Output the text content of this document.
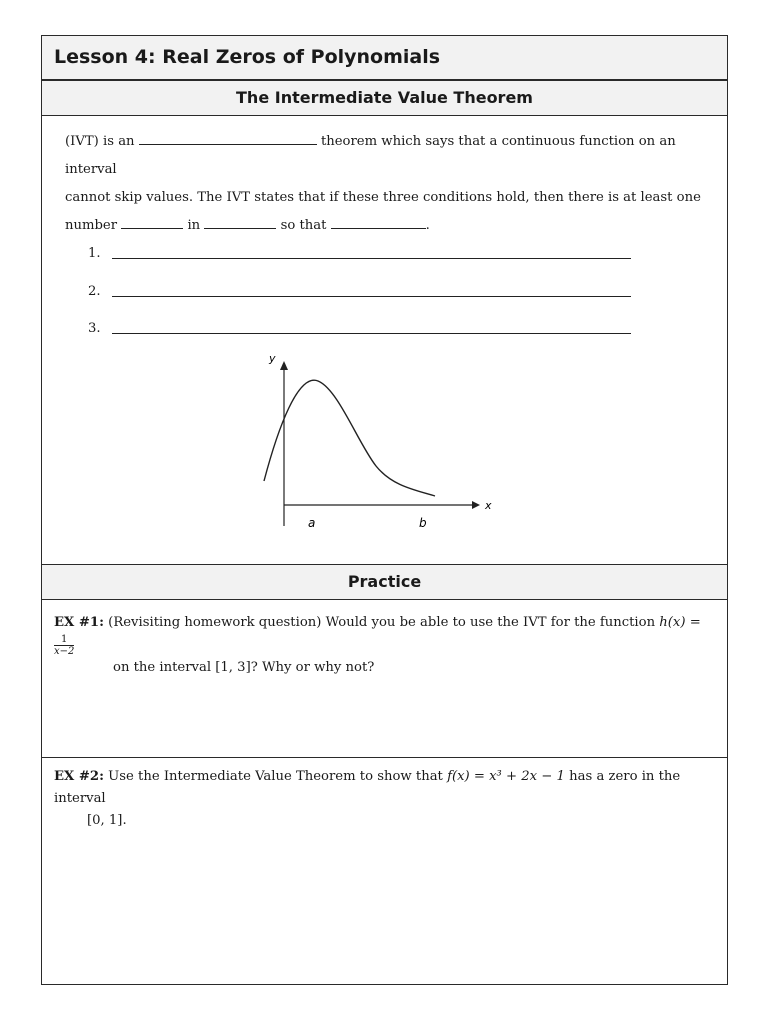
Lesson 4: Real Zeros of Polynomials
The Intermediate Value Theorem
(IVT) is an	theorem which says that a continuous function on an interval
cannot skip values. The IVT states that if these three conditions hold, then there is at least one
number	in	so that	.
1.
2.
3.
y
x
a	b
Practice
EX #1: (Revisiting homework question) Would you be able to use the IVT for the function h(x) =
$\frac{1}{x-2}$
on the interval [1, 3]? Why or why not?
EX #2: Use the Intermediate Value Theorem to show that f(x) = x³ + 2x − 1 has a zero in the interval
[0, 1].
